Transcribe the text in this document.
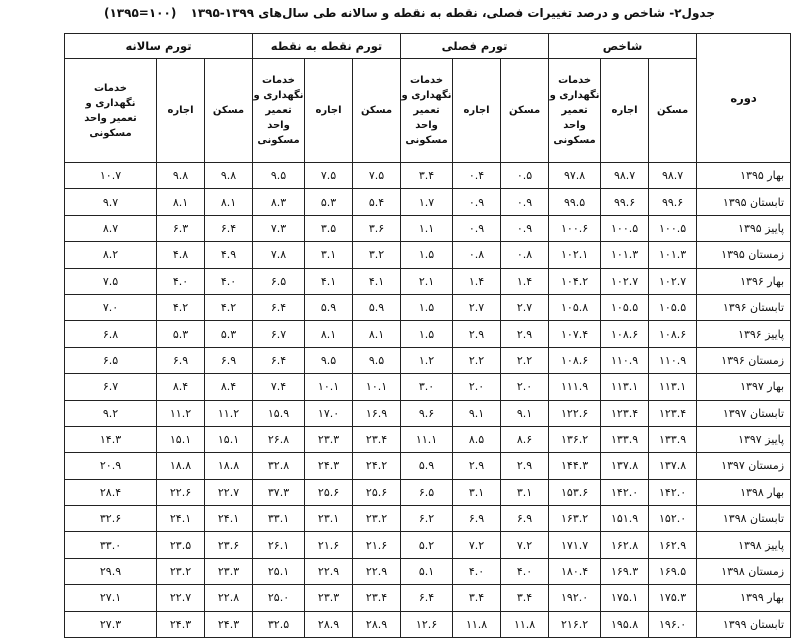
جدول۲- شاخص و درصد تغییرات فصلی، نقطه به نقطه و سالانه طی سال‌های ۱۳۹۹-۱۳۹۵ (۱۰۰=۱۳۹۵)
دوره	شاخص			تورم فصلی			تورم نقطه به نقطه			تورم سالانه		
	مسکن	اجاره	خدمات
نگهداری و
تعمیر واحد
مسکونی	مسکن	اجاره	خدمات
نگهداری و
تعمیر واحد
مسکونی	مسکن	اجاره	خدمات
نگهداری و
تعمیر واحد
مسکونی	مسکن	اجاره	خدمات
نگهداری و
تعمیر واحد
مسکونی
بهار ۱۳۹۵	۹۸.۷	۹۸.۷	۹۷.۸	۰.۵	۰.۴	۳.۴	۷.۵	۷.۵	۹.۵	۹.۸	۹.۸	۱۰.۷
تابستان ۱۳۹۵	۹۹.۶	۹۹.۶	۹۹.۵	۰.۹	۰.۹	۱.۷	۵.۴	۵.۳	۸.۳	۸.۱	۸.۱	۹.۷
پاییز ۱۳۹۵	۱۰۰.۵	۱۰۰.۵	۱۰۰.۶	۰.۹	۰.۹	۱.۱	۳.۶	۳.۵	۷.۳	۶.۴	۶.۳	۸.۷
زمستان ۱۳۹۵	۱۰۱.۳	۱۰۱.۳	۱۰۲.۱	۰.۸	۰.۸	۱.۵	۳.۲	۳.۱	۷.۸	۴.۹	۴.۸	۸.۲
بهار ۱۳۹۶	۱۰۲.۷	۱۰۲.۷	۱۰۴.۲	۱.۴	۱.۴	۲.۱	۴.۱	۴.۱	۶.۵	۴.۰	۴.۰	۷.۵
تابستان ۱۳۹۶	۱۰۵.۵	۱۰۵.۵	۱۰۵.۸	۲.۷	۲.۷	۱.۵	۵.۹	۵.۹	۶.۴	۴.۲	۴.۲	۷.۰
پاییز ۱۳۹۶	۱۰۸.۶	۱۰۸.۶	۱۰۷.۴	۲.۹	۲.۹	۱.۵	۸.۱	۸.۱	۶.۷	۵.۳	۵.۳	۶.۸
زمستان ۱۳۹۶	۱۱۰.۹	۱۱۰.۹	۱۰۸.۶	۲.۲	۲.۲	۱.۲	۹.۵	۹.۵	۶.۴	۶.۹	۶.۹	۶.۵
بهار ۱۳۹۷	۱۱۳.۱	۱۱۳.۱	۱۱۱.۹	۲.۰	۲.۰	۳.۰	۱۰.۱	۱۰.۱	۷.۴	۸.۴	۸.۴	۶.۷
تابستان ۱۳۹۷	۱۲۳.۴	۱۲۳.۴	۱۲۲.۶	۹.۱	۹.۱	۹.۶	۱۶.۹	۱۷.۰	۱۵.۹	۱۱.۲	۱۱.۲	۹.۲
پاییز ۱۳۹۷	۱۳۳.۹	۱۳۳.۹	۱۳۶.۲	۸.۶	۸.۵	۱۱.۱	۲۳.۴	۲۳.۳	۲۶.۸	۱۵.۱	۱۵.۱	۱۴.۳
زمستان ۱۳۹۷	۱۳۷.۸	۱۳۷.۸	۱۴۴.۳	۲.۹	۲.۹	۵.۹	۲۴.۲	۲۴.۳	۳۲.۸	۱۸.۸	۱۸.۸	۲۰.۹
بهار ۱۳۹۸	۱۴۲.۰	۱۴۲.۰	۱۵۳.۶	۳.۱	۳.۱	۶.۵	۲۵.۶	۲۵.۶	۳۷.۳	۲۲.۷	۲۲.۶	۲۸.۴
تابستان ۱۳۹۸	۱۵۲.۰	۱۵۱.۹	۱۶۳.۲	۶.۹	۶.۹	۶.۲	۲۳.۲	۲۳.۱	۳۳.۱	۲۴.۱	۲۴.۱	۳۲.۶
پاییز ۱۳۹۸	۱۶۲.۹	۱۶۲.۸	۱۷۱.۷	۷.۲	۷.۲	۵.۲	۲۱.۶	۲۱.۶	۲۶.۱	۲۳.۶	۲۳.۵	۳۳.۰
زمستان ۱۳۹۸	۱۶۹.۵	۱۶۹.۳	۱۸۰.۴	۴.۰	۴.۰	۵.۱	۲۲.۹	۲۲.۹	۲۵.۱	۲۳.۳	۲۳.۲	۲۹.۹
بهار ۱۳۹۹	۱۷۵.۳	۱۷۵.۱	۱۹۲.۰	۳.۴	۳.۴	۶.۴	۲۳.۴	۲۳.۳	۲۵.۰	۲۲.۸	۲۲.۷	۲۷.۱
تابستان ۱۳۹۹	۱۹۶.۰	۱۹۵.۸	۲۱۶.۲	۱۱.۸	۱۱.۸	۱۲.۶	۲۸.۹	۲۸.۹	۳۲.۵	۲۴.۳	۲۴.۳	۲۷.۳
